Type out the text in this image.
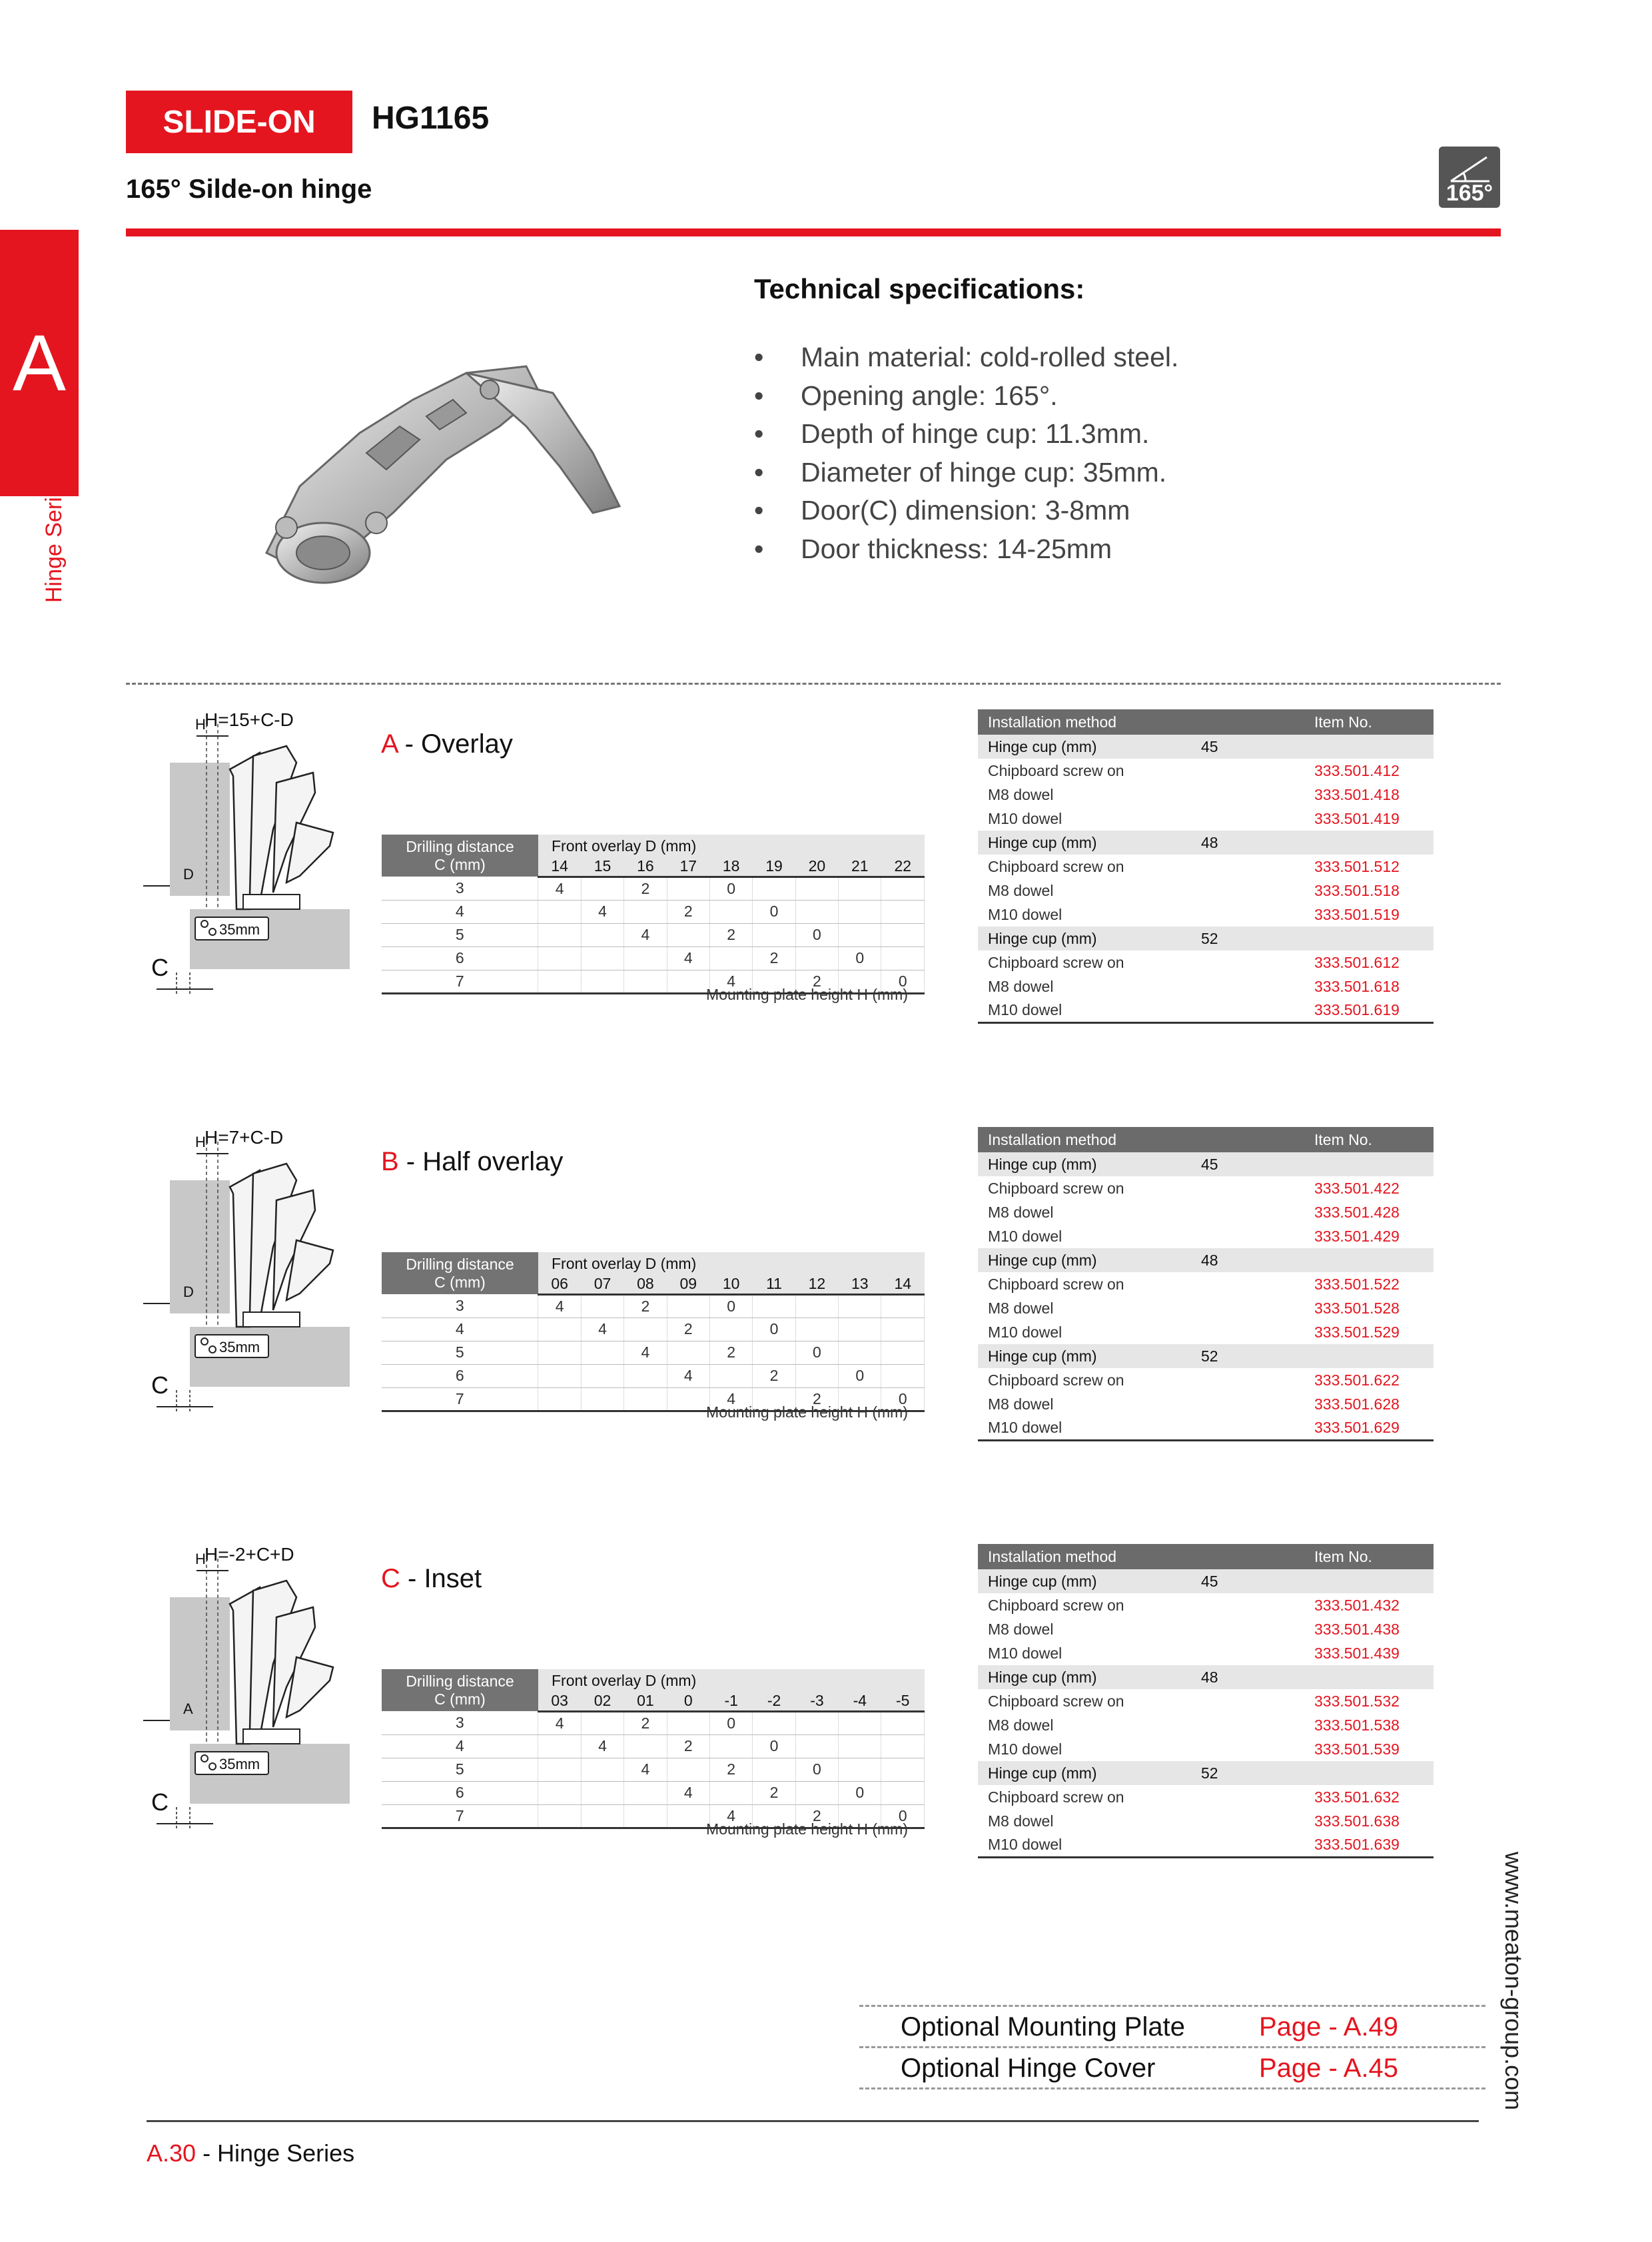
SLIDE-ON	HG1165
165° Silde-on hinge	165°
A
Hinge Series
Technical specifications:
• Main material: cold-rolled steel.
• Opening angle: 165°.
• Depth of hinge cup: 11.3mm.
• Diameter of hinge cup: 35mm.
• Door(C) dimension: 3-8mm
• Door thickness: 14-25mm
H=15+C-D
35mm
H
D
C
A - Overlay
Drilling distance
C (mm)	Front overlay D (mm)								
	14	15	16	17	18	19	20	21	22
3	4		2		0				
4		4		2		0			
5			4		2		0		
6				4		2		0	
7					4		2		0
Mounting plate height H (mm)
Installation method		Item No.
Hinge cup (mm)	45	
Chipboard screw on		333.501.412
M8 dowel		333.501.418
M10 dowel		333.501.419
Hinge cup (mm)	48	
Chipboard screw on		333.501.512
M8 dowel		333.501.518
M10 dowel		333.501.519
Hinge cup (mm)	52	
Chipboard screw on		333.501.612
M8 dowel		333.501.618
M10 dowel		333.501.619
H=7+C-D
35mm
H
D
C
B - Half overlay
Drilling distance
C (mm)	Front overlay D (mm)								
	06	07	08	09	10	11	12	13	14
3	4		2		0				
4		4		2		0			
5			4		2		0		
6				4		2		0	
7					4		2		0
Mounting plate height H (mm)
Installation method		Item No.
Hinge cup (mm)	45	
Chipboard screw on		333.501.422
M8 dowel		333.501.428
M10 dowel		333.501.429
Hinge cup (mm)	48	
Chipboard screw on		333.501.522
M8 dowel		333.501.528
M10 dowel		333.501.529
Hinge cup (mm)	52	
Chipboard screw on		333.501.622
M8 dowel		333.501.628
M10 dowel		333.501.629
H=-2+C+D
35mm
H
A
C
C - Inset
Drilling distance
C (mm)	Front overlay D (mm)								
	03	02	01	0	-1	-2	-3	-4	-5
3	4		2		0				
4		4		2		0			
5			4		2		0		
6				4		2		0	
7					4		2		0
Mounting plate height H (mm)
Installation method		Item No.
Hinge cup (mm)	45	
Chipboard screw on		333.501.432
M8 dowel		333.501.438
M10 dowel		333.501.439
Hinge cup (mm)	48	
Chipboard screw on		333.501.532
M8 dowel		333.501.538
M10 dowel		333.501.539
Hinge cup (mm)	52	
Chipboard screw on		333.501.632
M8 dowel		333.501.638
M10 dowel		333.501.639
Optional Mounting Plate	Page - A.49
Optional Hinge Cover	Page - A.45	www.meaton-group.com
A.30 - Hinge Series
